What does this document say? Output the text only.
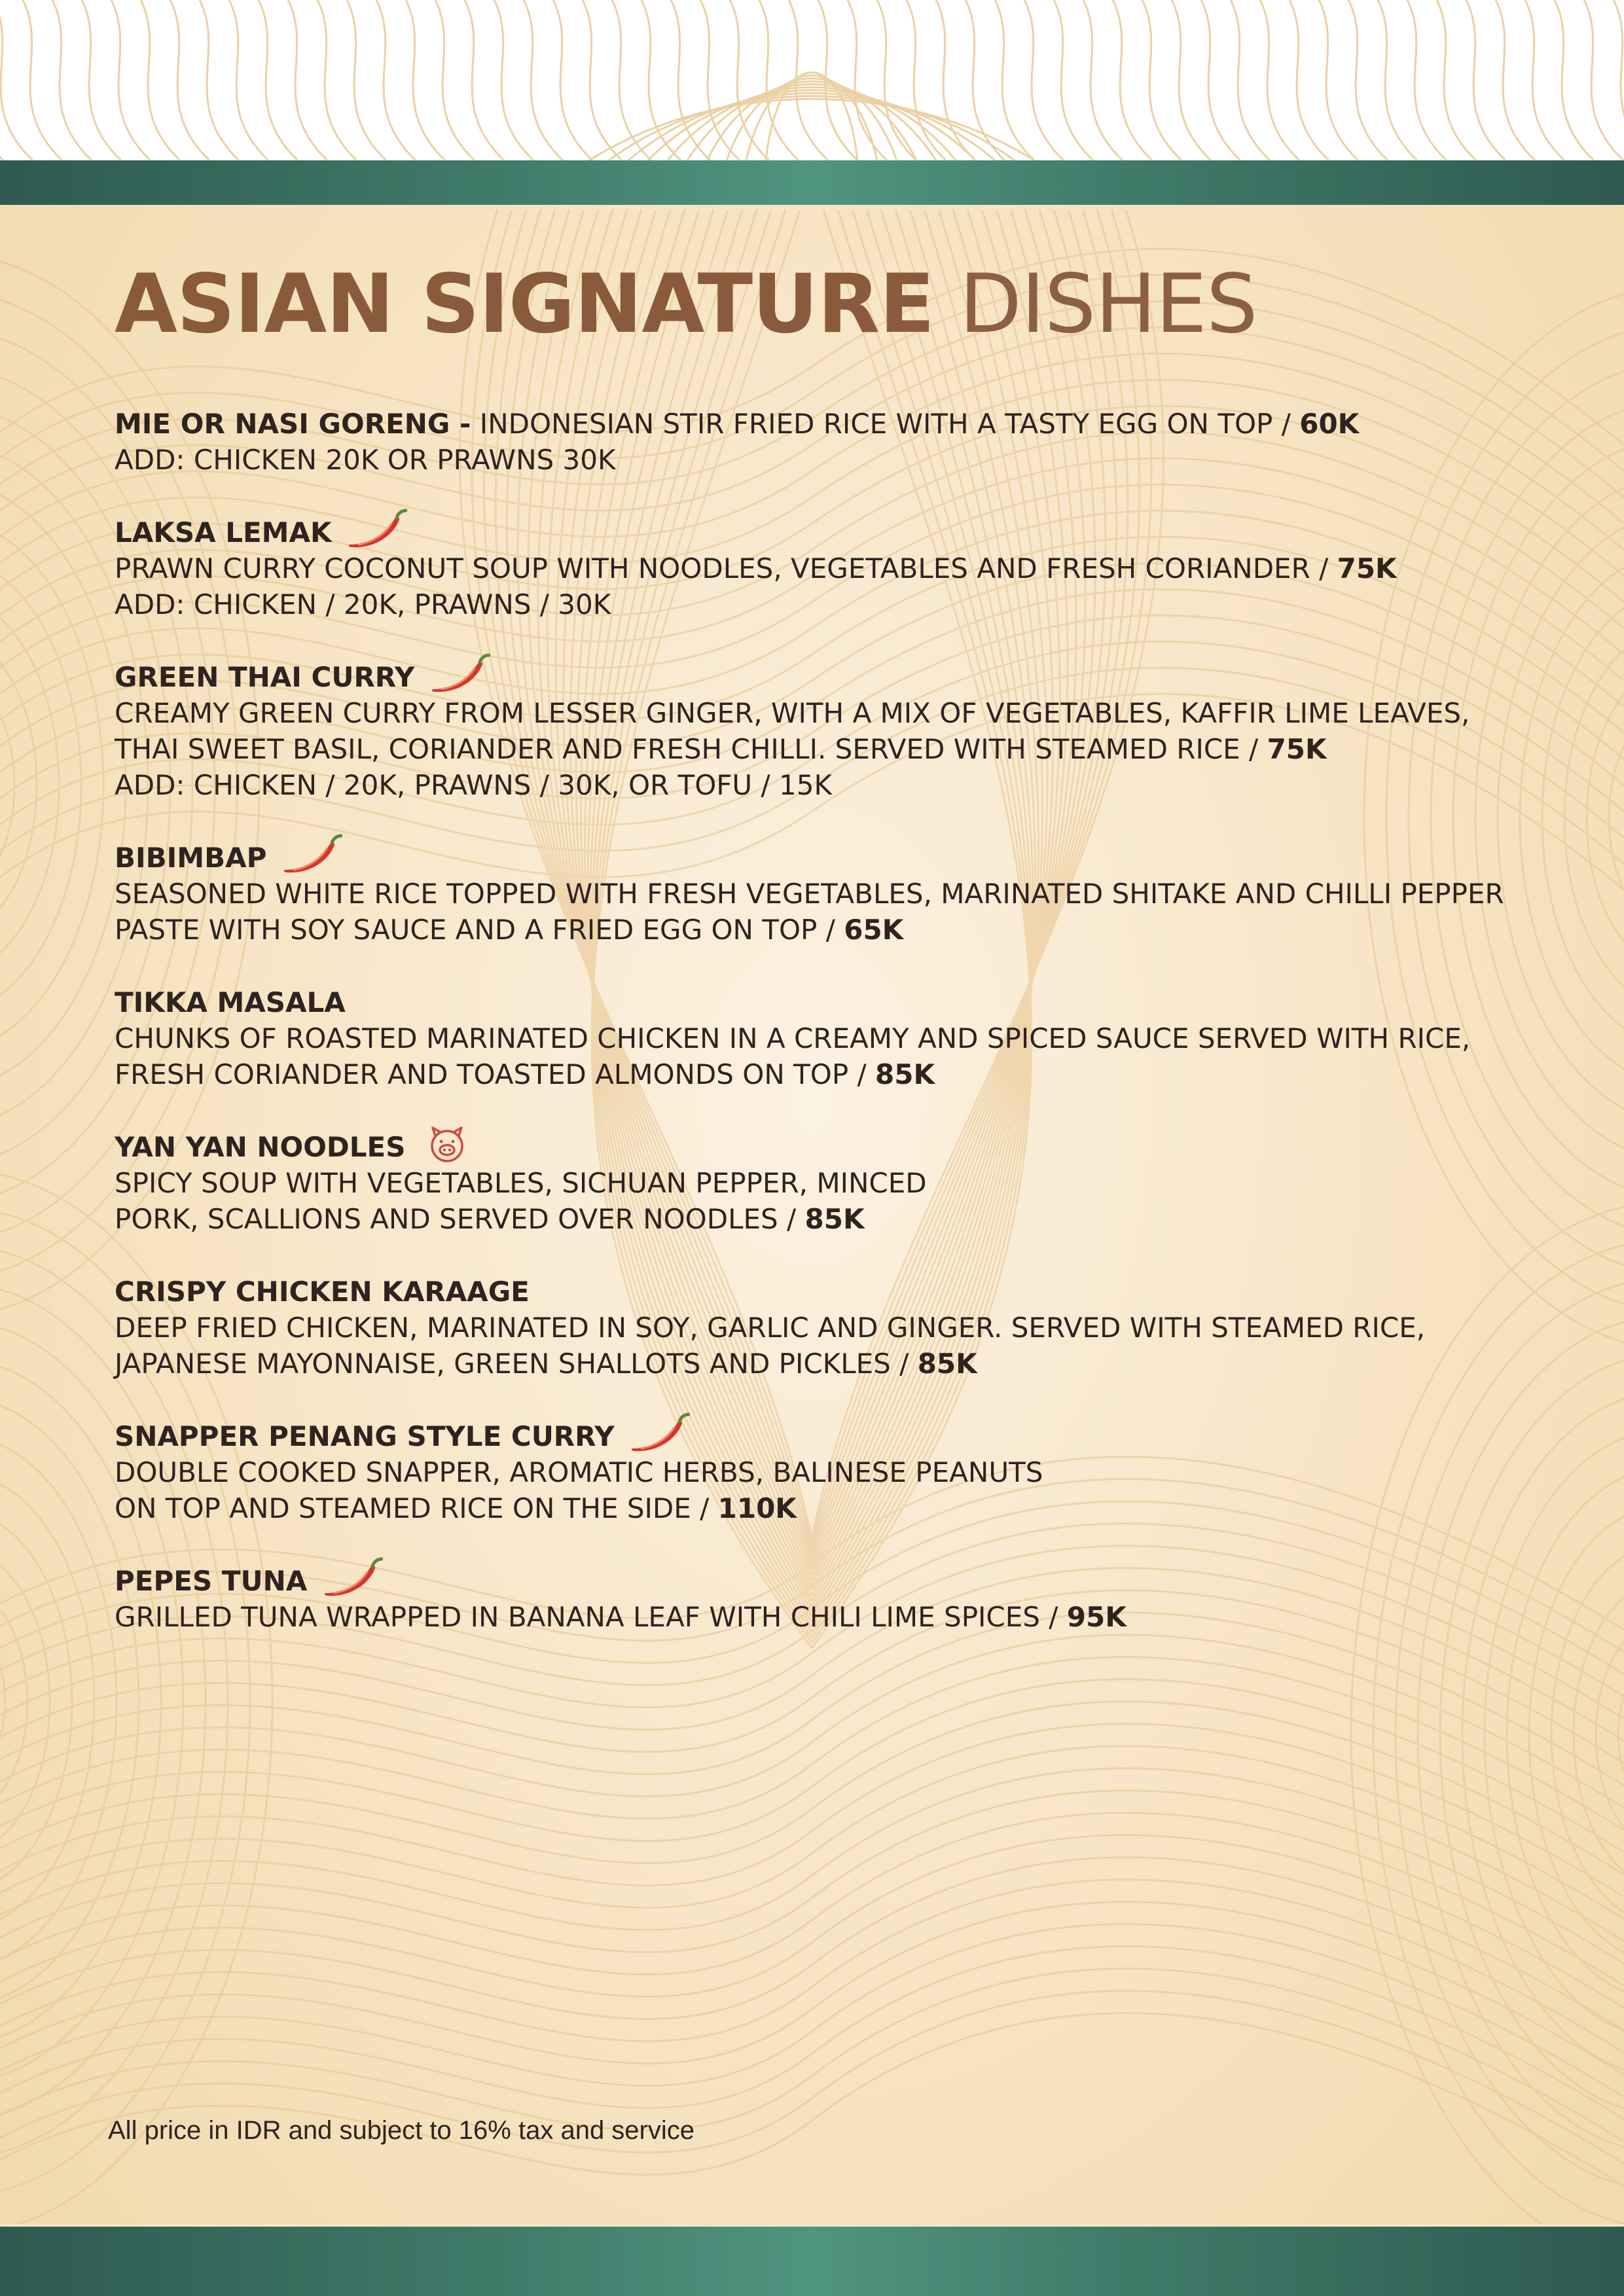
ASIAN SIGNATURE DISHES
MIE OR NASI GORENG - INDONESIAN STIR FRIED RICE WITH A TASTY EGG ON TOP / 60K
ADD: CHICKEN 20K OR PRAWNS 30K
LAKSA LEMAK
PRAWN CURRY COCONUT SOUP WITH NOODLES, VEGETABLES AND FRESH CORIANDER / 75K
ADD: CHICKEN / 20K, PRAWNS / 30K
GREEN THAI CURRY
CREAMY GREEN CURRY FROM LESSER GINGER, WITH A MIX OF VEGETABLES, KAFFIR LIME LEAVES,
THAI SWEET BASIL, CORIANDER AND FRESH CHILLI. SERVED WITH STEAMED RICE / 75K
ADD: CHICKEN / 20K, PRAWNS / 30K, OR TOFU / 15K
BIBIMBAP
SEASONED WHITE RICE TOPPED WITH FRESH VEGETABLES, MARINATED SHITAKE AND CHILLI PEPPER
PASTE WITH SOY SAUCE AND A FRIED EGG ON TOP / 65K
TIKKA MASALA
CHUNKS OF ROASTED MARINATED CHICKEN IN A CREAMY AND SPICED SAUCE SERVED WITH RICE,
FRESH CORIANDER AND TOASTED ALMONDS ON TOP / 85K
YAN YAN NOODLES
SPICY SOUP WITH VEGETABLES, SICHUAN PEPPER, MINCED
PORK, SCALLIONS AND SERVED OVER NOODLES / 85K
CRISPY CHICKEN KARAAGE
DEEP FRIED CHICKEN, MARINATED IN SOY, GARLIC AND GINGER. SERVED WITH STEAMED RICE,
JAPANESE MAYONNAISE, GREEN SHALLOTS AND PICKLES / 85K
SNAPPER PENANG STYLE CURRY
DOUBLE COOKED SNAPPER, AROMATIC HERBS, BALINESE PEANUTS
ON TOP AND STEAMED RICE ON THE SIDE / 110K
PEPES TUNA
GRILLED TUNA WRAPPED IN BANANA LEAF WITH CHILI LIME SPICES / 95K
All price in IDR and subject to 16% tax and service
